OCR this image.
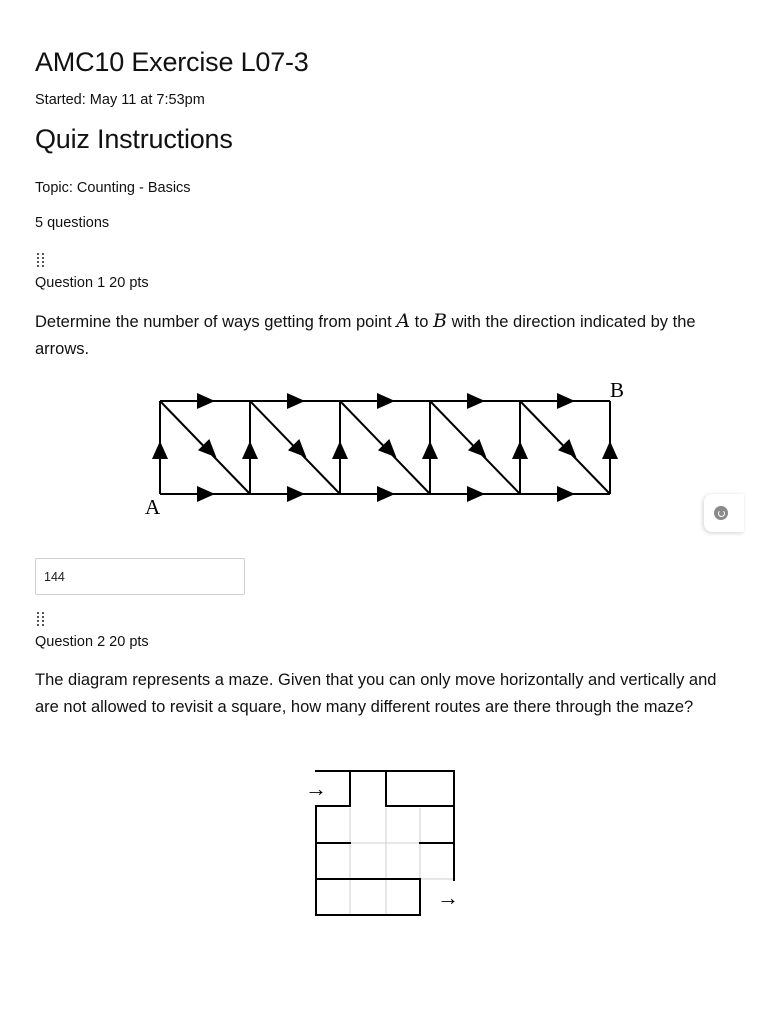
AMC10 Exercise L07-3

Started: May 11 at 7:53pm

Quiz Instructions

Topic: Counting - Basics

5 questions

Question 1 20 pts

Determine the number of ways getting from point A to B with the direction indicated by the arrows.

A
B
144

Question 2 20 pts

The diagram represents a maze. Given that you can only move horizontally and vertically and are not allowed to revisit a square, how many different routes are there through the maze?

→
→
